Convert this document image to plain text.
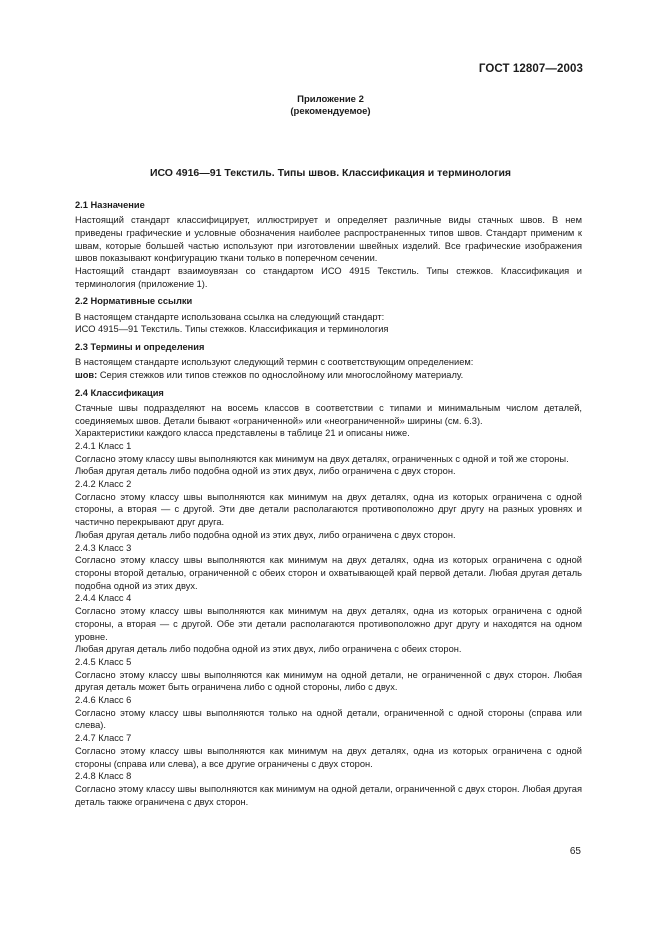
ГОСТ 12807—2003
Приложение 2
(рекомендуемое)
ИСО 4916—91 Текстиль. Типы швов. Классификация и терминология

2.1 Назначение

Настоящий стандарт классифицирует, иллюстрирует и определяет различные виды стачных швов. В нем приведены графические и условные обозначения наиболее распространенных типов швов. Стандарт применим к швам, которые большей частью используют при изготовлении швейных изделий. Все графические изображения швов показывают конфигурацию ткани только в поперечном сечении.

Настоящий стандарт взаимоувязан со стандартом ИСО 4915 Текстиль. Типы стежков. Классификация и терминология (приложение 1).

2.2 Нормативные ссылки

В настоящем стандарте использована ссылка на следующий стандарт:

ИСО 4915—91 Текстиль. Типы стежков. Классификация и терминология

2.3 Термины и определения

В настоящем стандарте используют следующий термин с соответствующим определением:

шов: Серия стежков или типов стежков по однослойному или многослойному материалу.

2.4 Классификация

Стачные швы подразделяют на восемь классов в соответствии с типами и минимальным числом деталей, соединяемых швов. Детали бывают «ограниченной» или «неограниченной» ширины (см. 6.3).

Характеристики каждого класса представлены в таблице 21 и описаны ниже.

2.4.1 Класс 1

Согласно этому классу швы выполняются как минимум на двух деталях, ограниченных с одной и той же стороны.

Любая другая деталь либо подобна одной из этих двух, либо ограничена с двух сторон.

2.4.2 Класс 2

Согласно этому классу швы выполняются как минимум на двух деталях, одна из которых ограничена с одной стороны, а вторая — с другой. Эти две детали располагаются противоположно друг другу на разных уровнях и частично перекрывают друг друга.

Любая другая деталь либо подобна одной из этих двух, либо ограничена с двух сторон.

2.4.3 Класс 3

Согласно этому классу швы выполняются как минимум на двух деталях, одна из которых ограничена с одной стороны второй деталью, ограниченной с обеих сторон и охватывающей край первой детали. Любая другая деталь подобна одной из этих двух.

2.4.4 Класс 4

Согласно этому классу швы выполняются как минимум на двух деталях, одна из которых ограничена с одной стороны, а вторая — с другой. Обе эти детали располагаются противоположно друг другу и находятся на одном уровне.

Любая другая деталь либо подобна одной из этих двух, либо ограничена с обеих сторон.

2.4.5 Класс 5

Согласно этому классу швы выполняются как минимум на одной детали, не ограниченной с двух сторон. Любая другая деталь может быть ограничена либо с одной стороны, либо с двух.

2.4.6 Класс 6

Согласно этому классу швы выполняются только на одной детали, ограниченной с одной стороны (справа или слева).

2.4.7 Класс 7

Согласно этому классу швы выполняются как минимум на двух деталях, одна из которых ограничена с одной стороны (справа или слева), а все другие ограничены с двух сторон.

2.4.8 Класс 8

Согласно этому классу швы выполняются как минимум на одной детали, ограниченной с двух сторон. Любая другая деталь также ограничена с двух сторон.

65
